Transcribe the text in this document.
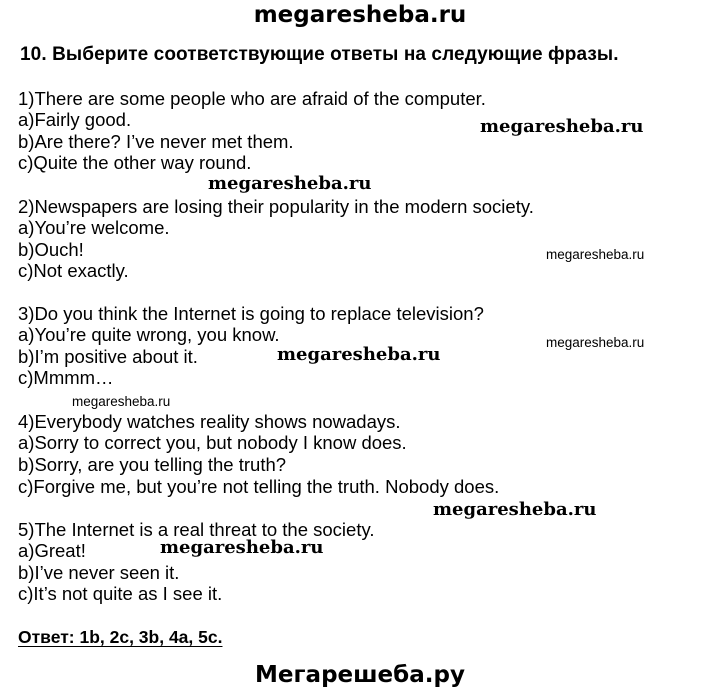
megaresheba.ru
10. Выберите соответствующие ответы на следующие фразы.
1)There are some people who are afraid of the computer.
a)Fairly good.
b)Are there? I’ve never met them.
c)Quite the other way round.
2)Newspapers are losing their popularity in the modern society.
a)You’re welcome.
b)Ouch!
c)Not exactly.
3)Do you think the Internet is going to replace television?
a)You’re quite wrong, you know.
b)I’m positive about it.
c)Mmmm…
4)Everybody watches reality shows nowadays.
a)Sorry to correct you, but nobody I know does.
b)Sorry, are you telling the truth?
c)Forgive me, but you’re not telling the truth. Nobody does.
5)The Internet is a real threat to the society.
a)Great!
b)I’ve never seen it.
c)It’s not quite as I see it.
Ответ: 1b, 2c, 3b, 4a, 5c.
megaresheba.ru
megaresheba.ru
megaresheba.ru
megaresheba.ru
megaresheba.ru
megaresheba.ru
megaresheba.ru
megaresheba.ru
Мегарешеба.ру
